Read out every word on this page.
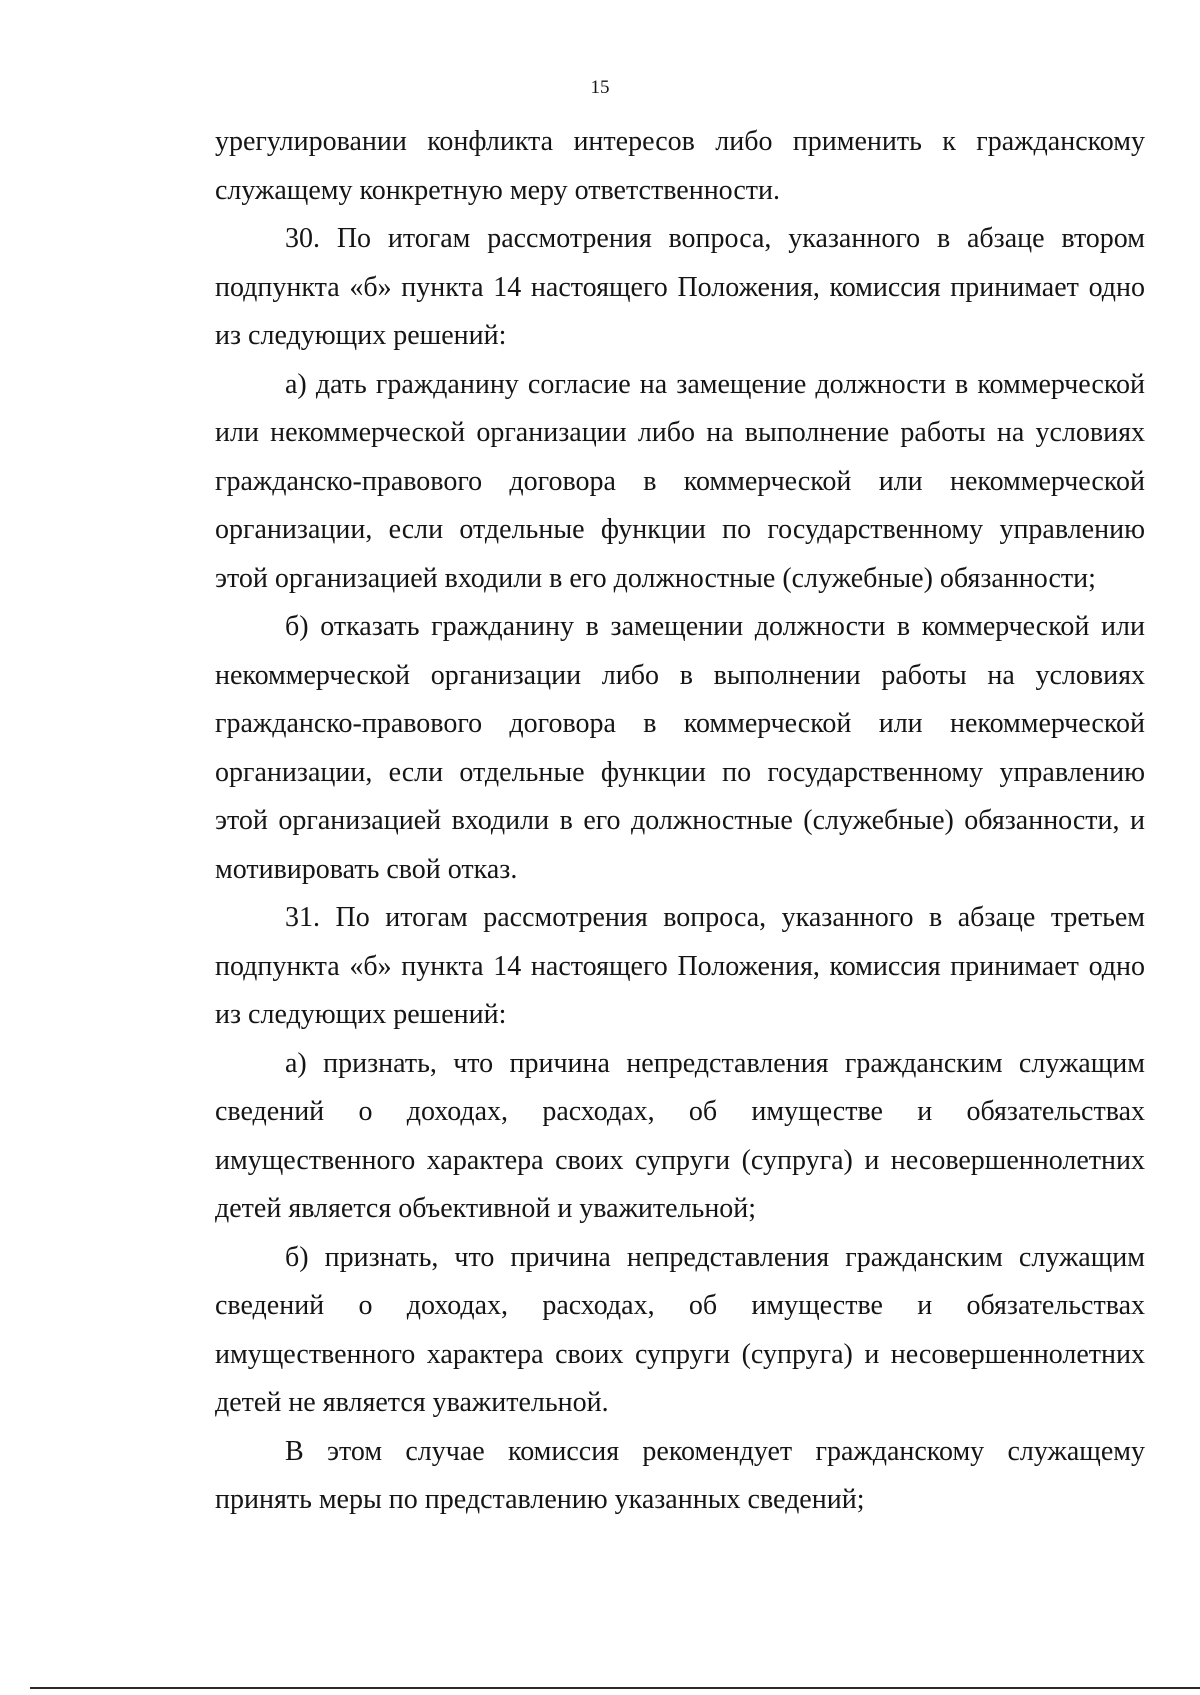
15

урегулировании конфликта интересов либо применить к гражданскому служащему конкретную меру ответственности.

30. По итогам рассмотрения вопроса, указанного в абзаце втором подпункта «б» пункта 14 настоящего Положения, комиссия принимает одно из следующих решений:

а) дать гражданину согласие на замещение должности в коммерческой или некоммерческой организации либо на выполнение работы на условиях гражданско-правового договора в коммерческой или некоммерческой организации, если отдельные функции по государственному управлению этой организацией входили в его должностные (служебные) обязанности;

б) отказать гражданину в замещении должности в коммерческой или некоммерческой организации либо в выполнении работы на условиях гражданско-правового договора в коммерческой или некоммерческой организации, если отдельные функции по государственному управлению этой организацией входили в его должностные (служебные) обязанности, и мотивировать свой отказ.

31. По итогам рассмотрения вопроса, указанного в абзаце третьем подпункта «б» пункта 14 настоящего Положения, комиссия принимает одно из следующих решений:

а) признать, что причина непредставления гражданским служащим сведений о доходах, расходах, об имуществе и обязательствах имущественного характера своих супруги (супруга) и несовершеннолетних детей является объективной и уважительной;

б) признать, что причина непредставления гражданским служащим сведений о доходах, расходах, об имуществе и обязательствах имущественного характера своих супруги (супруга) и несовершеннолетних детей не является уважительной.

В этом случае комиссия рекомендует гражданскому служащему принять меры по представлению указанных сведений;
